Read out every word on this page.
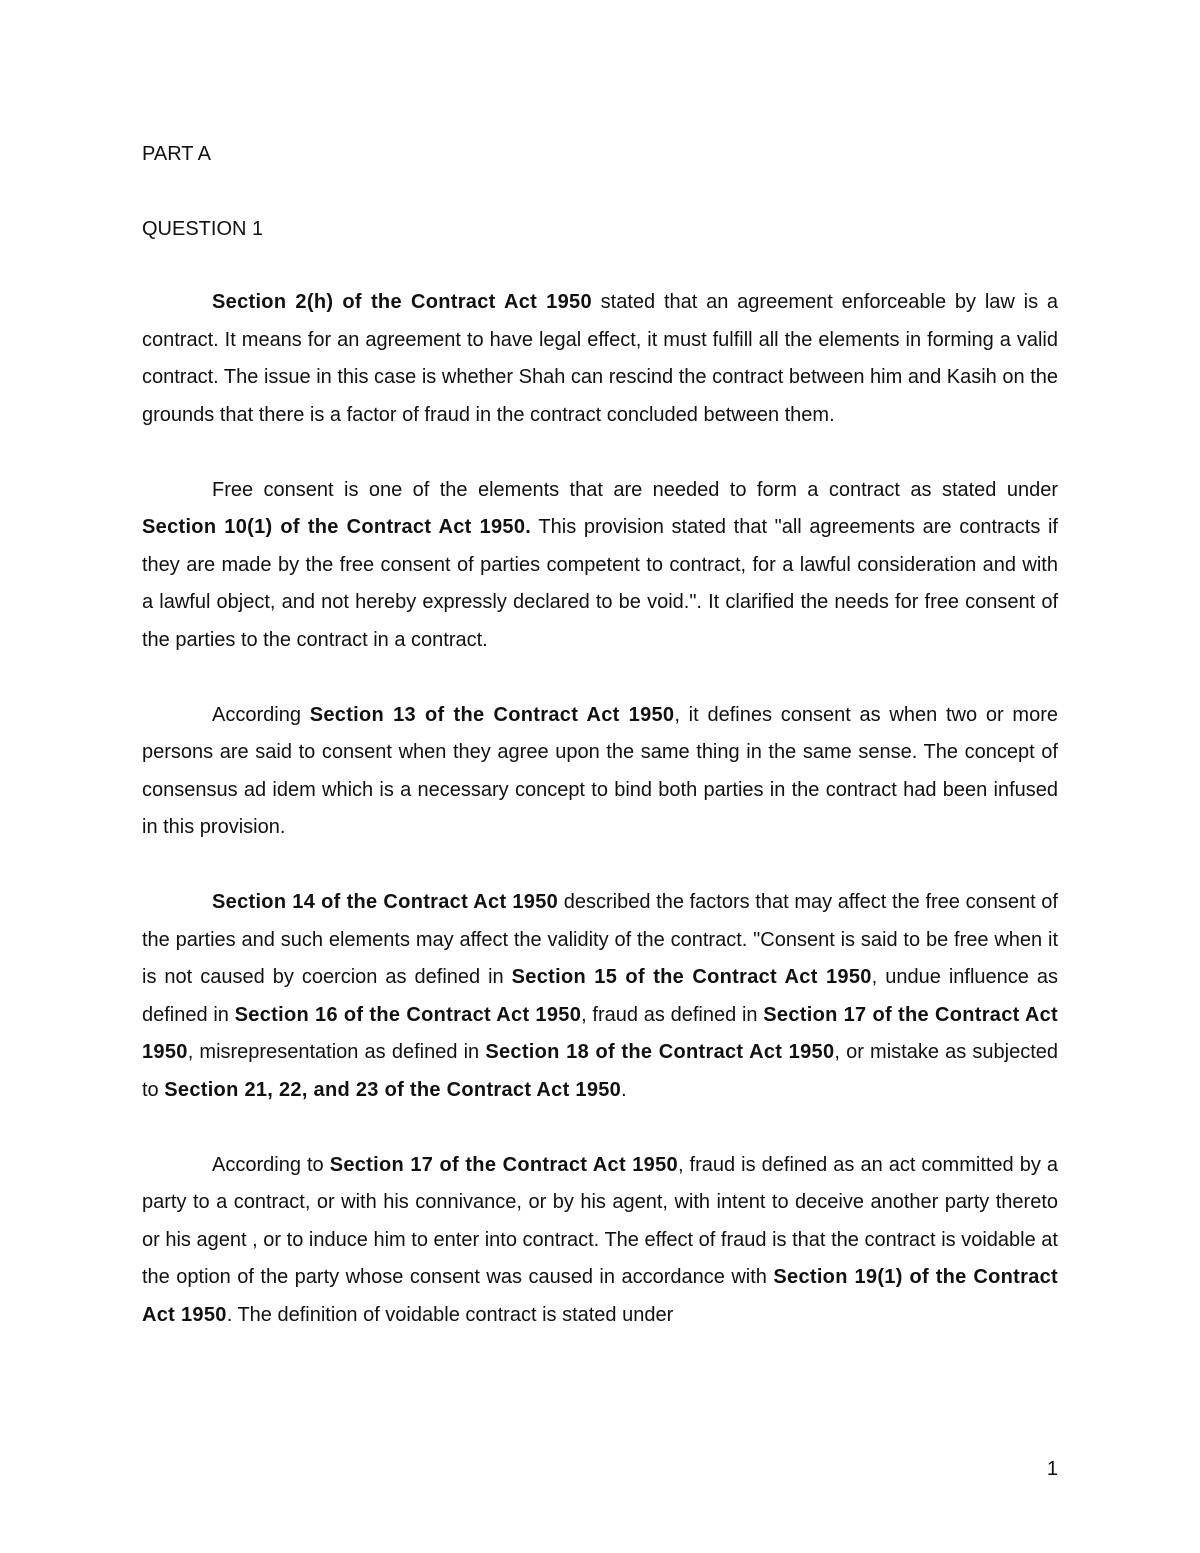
PART A
QUESTION 1

Section 2(h) of the Contract Act 1950 stated that an agreement enforceable by law is a contract. It means for an agreement to have legal effect, it must fulfill all the elements in forming a valid contract. The issue in this case is whether Shah can rescind the contract between him and Kasih on the grounds that there is a factor of fraud in the contract concluded between them.

Free consent is one of the elements that are needed to form a contract as stated under Section 10(1) of the Contract Act 1950. This provision stated that "all agreements are contracts if they are made by the free consent of parties competent to contract, for a lawful consideration and with a lawful object, and not hereby expressly declared to be void.". It clarified the needs for free consent of the parties to the contract in a contract.

According Section 13 of the Contract Act 1950, it defines consent as when two or more persons are said to consent when they agree upon the same thing in the same sense. The concept of consensus ad idem which is a necessary concept to bind both parties in the contract had been infused in this provision.

Section 14 of the Contract Act 1950 described the factors that may affect the free consent of the parties and such elements may affect the validity of the contract. "Consent is said to be free when it is not caused by coercion as defined in Section 15 of the Contract Act 1950, undue influence as defined in Section 16 of the Contract Act 1950, fraud as defined in Section 17 of the Contract Act 1950, misrepresentation as defined in Section 18 of the Contract Act 1950, or mistake as subjected to Section 21, 22, and 23 of the Contract Act 1950.

According to Section 17 of the Contract Act 1950, fraud is defined as an act committed by a party to a contract, or with his connivance, or by his agent, with intent to deceive another party thereto or his agent , or to induce him to enter into contract. The effect of fraud is that the contract is voidable at the option of the party whose consent was caused in accordance with Section 19(1) of the Contract Act 1950. The definition of voidable contract is stated under

1
